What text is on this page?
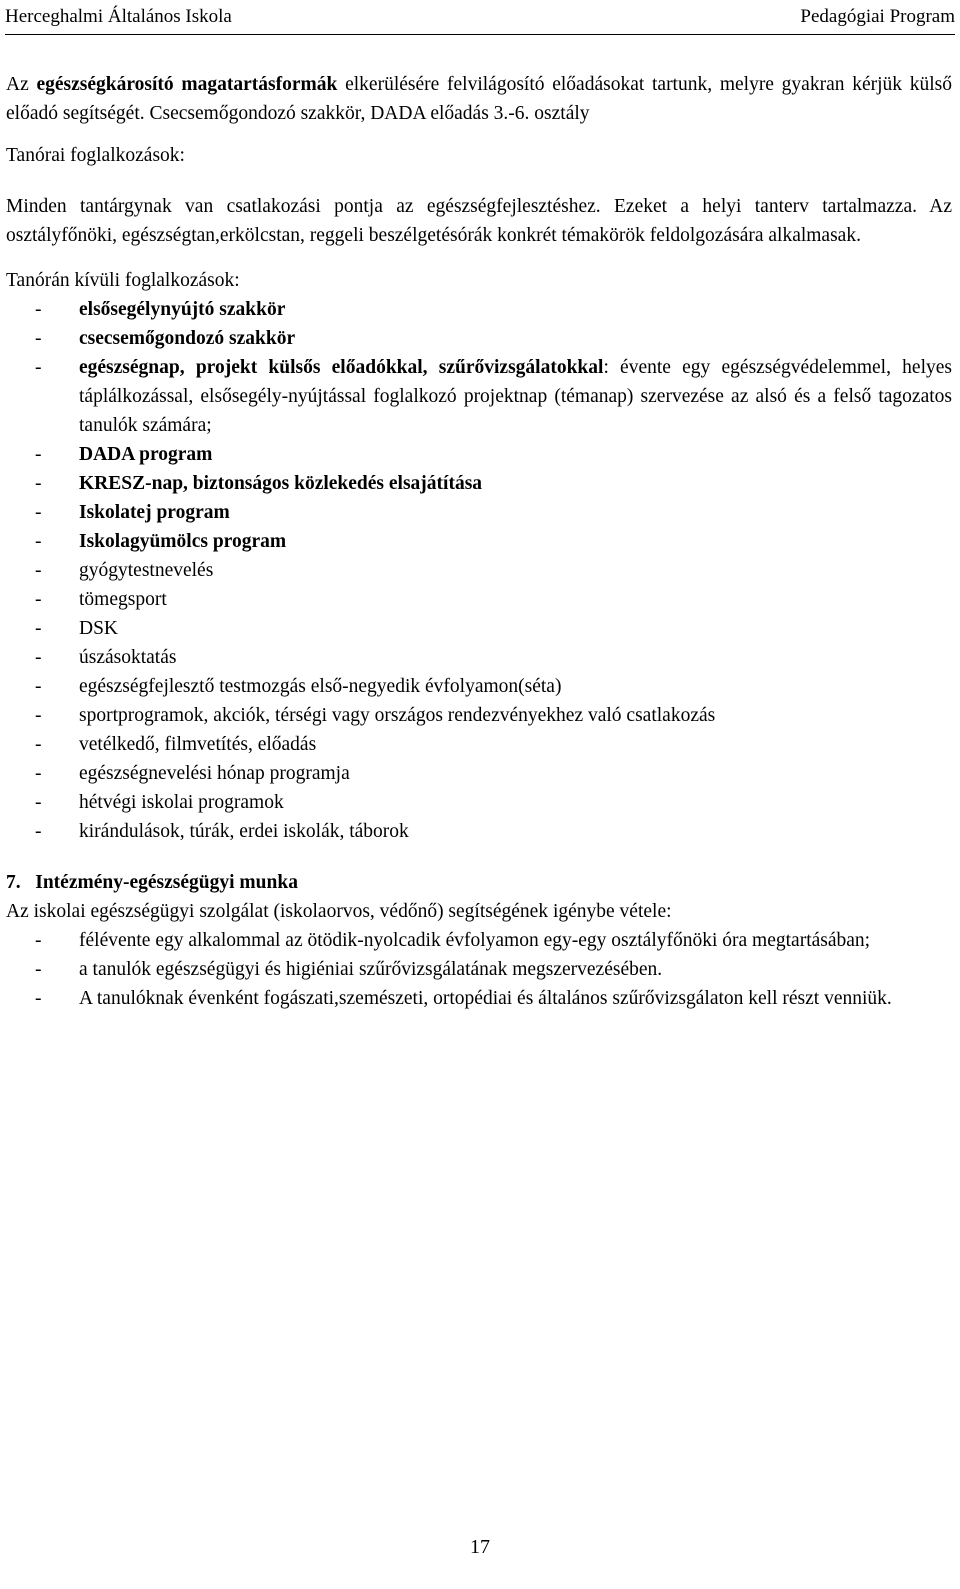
Herceghalmi Általános Iskola	Pedagógiai Program

Az egészségkárosító magatartásformák elkerülésére felvilágosító előadásokat tartunk, melyre gyakran kérjük külső előadó segítségét. Csecsemőgondozó szakkör, DADA előadás 3.-6. osztály

Tanórai foglalkozások:

Minden tantárgynak van csatlakozási pontja az egészségfejlesztéshez. Ezeket a helyi tanterv tartalmazza. Az osztályfőnöki, egészségtan,erkölcstan, reggeli beszélgetésórák konkrét témakörök feldolgozására alkalmasak.

Tanórán kívüli foglalkozások:

- elsősegélynyújtó szakkör
- csecsemőgondozó szakkör
- egészségnap, projekt külsős előadókkal, szűrővizsgálatokkal: évente egy egészségvédelemmel, helyes táplálkozással, elsősegély-nyújtással foglalkozó projektnap (témanap) szervezése az alsó és a felső tagozatos tanulók számára;
- DADA program
- KRESZ-nap, biztonságos közlekedés elsajátítása
- Iskolatej program
- Iskolagyümölcs program
- gyógytestnevelés
- tömegsport
- DSK
- úszásoktatás
- egészségfejlesztő testmozgás első-negyedik évfolyamon(séta)
- sportprogramok, akciók, térségi vagy országos rendezvényekhez való csatlakozás
- vetélkedő, filmvetítés, előadás
- egészségnevelési hónap programja
- hétvégi iskolai programok
- kirándulások, túrák, erdei iskolák, táborok

7.   Intézmény-egészségügyi munka

Az iskolai egészségügyi szolgálat (iskolaorvos, védőnő) segítségének igénybe vétele:

- félévente egy alkalommal az ötödik-nyolcadik évfolyamon egy-egy osztályfőnöki óra megtartásában;
- a tanulók egészségügyi és higiéniai szűrővizsgálatának megszervezésében.
- A tanulóknak évenként fogászati,szemészeti, ortopédiai és általános szűrővizsgálaton kell részt venniük.
17
